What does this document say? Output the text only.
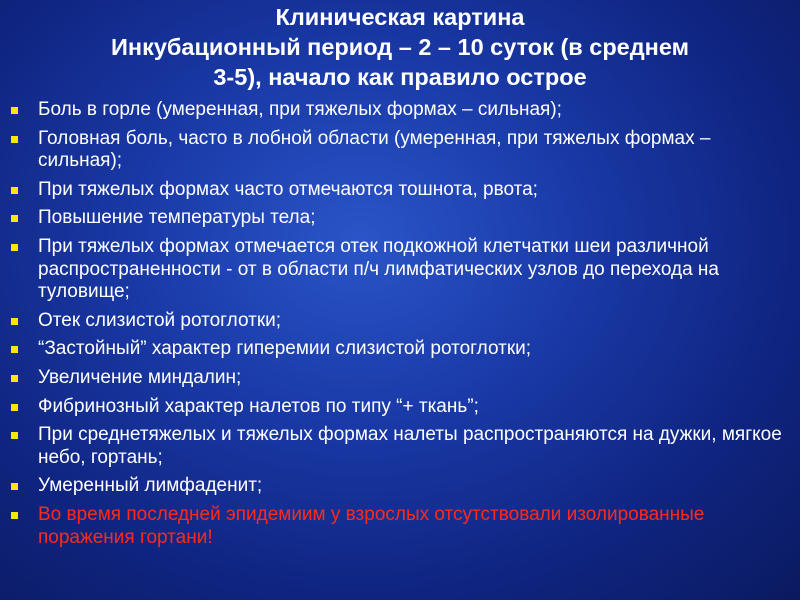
Клиническая картина
Инкубационный период – 2 – 10 суток (в среднем
3-5), начало как правило острое
Боль в горле (умеренная, при тяжелых формах – сильная);
Головная боль, часто в лобной области (умеренная, при тяжелых формах – сильная);
При тяжелых формах часто отмечаются тошнота, рвота;
Повышение температуры тела;
При тяжелых формах отмечается отек подкожной клетчатки шеи различной распространенности - от в области п/ч лимфатических узлов до перехода на туловище;
Отек слизистой ротоглотки;
“Застойный” характер гиперемии слизистой ротоглотки;
Увеличение миндалин;
Фибринозный характер налетов по типу “+ ткань”;
При среднетяжелых и тяжелых формах налеты распространяются на дужки, мягкое небо, гортань;
Умеренный лимфаденит;
Во время последней эпидемиим у взрослых отсутствовали изолированные поражения гортани!
